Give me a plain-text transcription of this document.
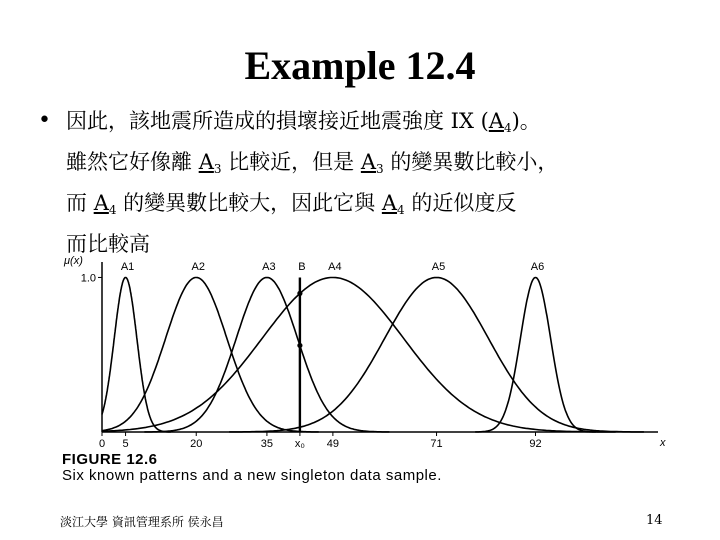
Example 12.4
• 因此，該地震所造成的損壞接近地震強度 IX $(A_4)$。
雖然它好像離 $A_3$ 比較近，但是 $A_3$ 的變異數比較小，
而 $A_4$ 的變異數比較大，因此它與 $A_4$ 的近似度反
而比較高
μ(x)
1.0
0 5	20	35 x₀ 49	71	92	x
A1	A2	A3	A4	A5	A6
B
FIGURE 12.6
Six known patterns and a new singleton data sample.
淡江大學 資訊管理系所 侯永昌	14
